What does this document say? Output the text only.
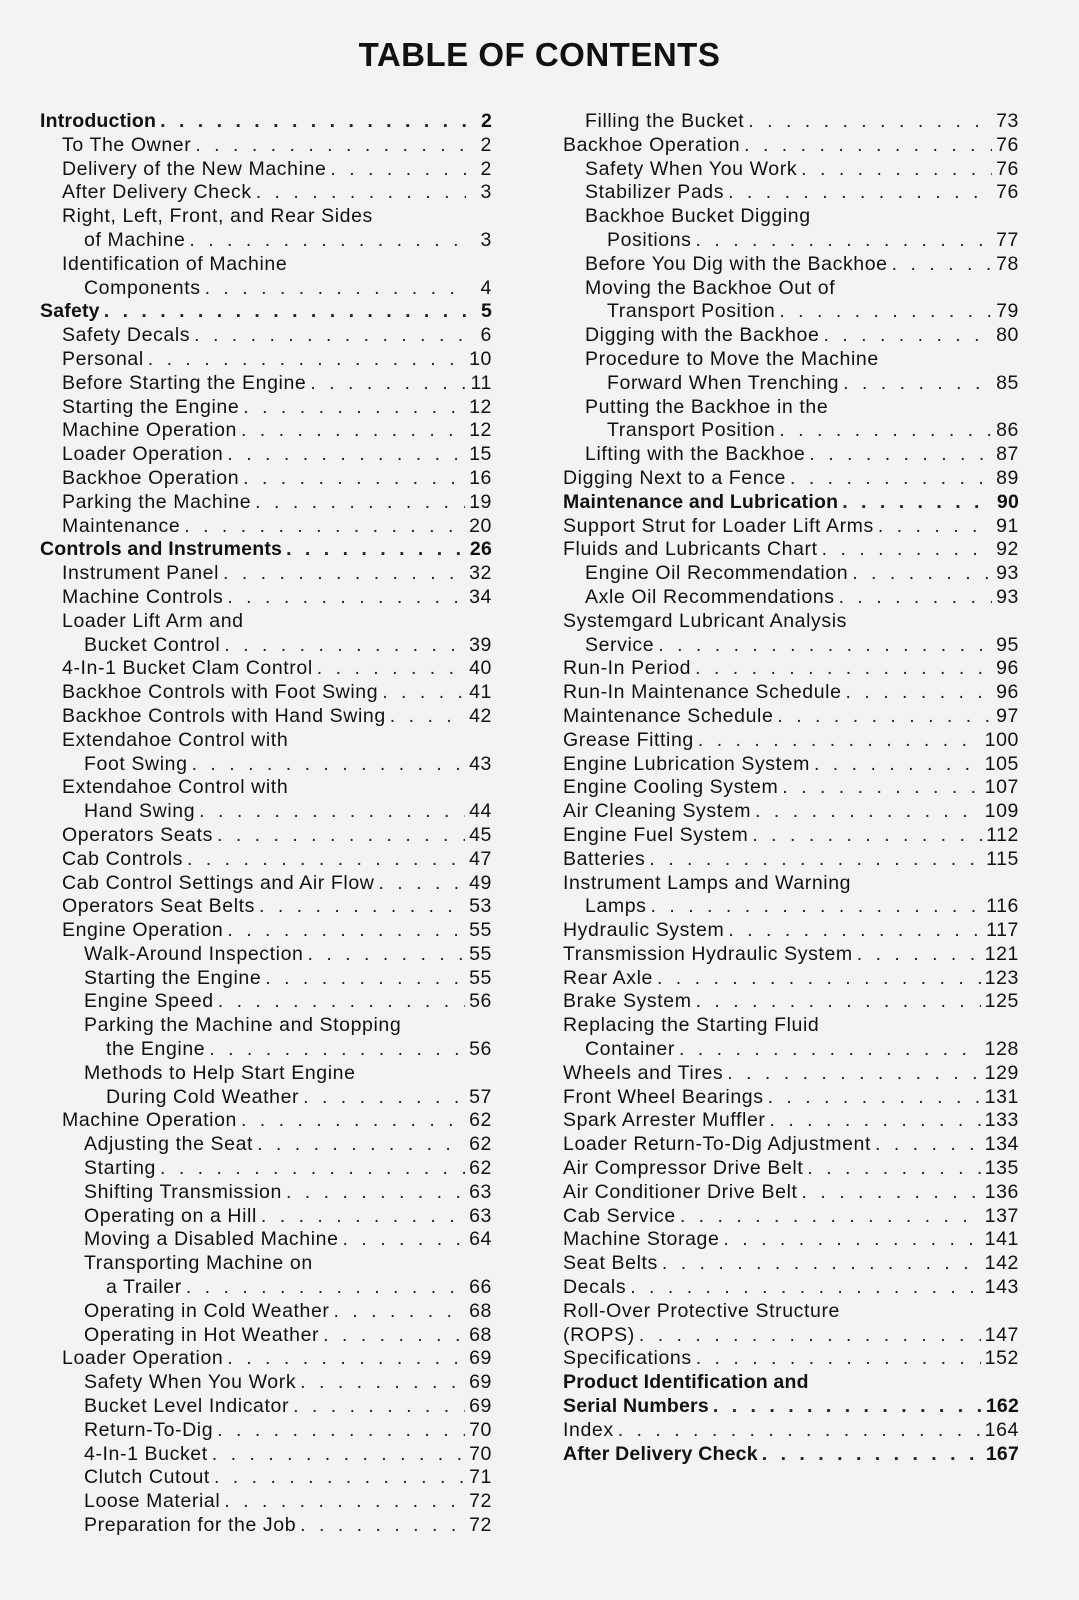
TABLE OF CONTENTS
Introduction . . .	2
To The Owner . . .	2
Delivery of the New Machine . . .	2
After Delivery Check . . .	3
Right, Left, Front, and Rear Sides
of Machine . . .	3
Identification of Machine
Components . . .	4
Safety . . .	5
Safety Decals . . .	6
Personal . . .	10
Before Starting the Engine . . .	11
Starting the Engine . . .	12
Machine Operation . . .	12
Loader Operation . . .	15
Backhoe Operation . . .	16
Parking the Machine . . .	19
Maintenance . . .	20
Controls and Instruments . . .	26
Instrument Panel . . .	32
Machine Controls . . .	34
Loader Lift Arm and
Bucket Control . . .	39
4-In-1 Bucket Clam Control . . .	40
Backhoe Controls with Foot Swing . . .	41
Backhoe Controls with Hand Swing . . .	42
Extendahoe Control with
Foot Swing . . .	43
Extendahoe Control with
Hand Swing . . .	44
Operators Seats . . .	45
Cab Controls . . .	47
Cab Control Settings and Air Flow . . .	49
Operators Seat Belts . . .	53
Engine Operation . . .	55
Walk-Around Inspection . . .	55
Starting the Engine . . .	55
Engine Speed . . .	56
Parking the Machine and Stopping
the Engine . . .	56
Methods to Help Start Engine
During Cold Weather . . .	57
Machine Operation . . .	62
Adjusting the Seat . . .	62
Starting . . .	62
Shifting Transmission . . .	63
Operating on a Hill . . .	63
Moving a Disabled Machine . . .	64
Transporting Machine on
a Trailer . . .	66
Operating in Cold Weather . . .	68
Operating in Hot Weather . . .	68
Loader Operation . . .	69
Safety When You Work . . .	69
Bucket Level Indicator . . .	69
Return-To-Dig . . .	70
4-In-1 Bucket . . .	70
Clutch Cutout . . .	71
Loose Material . . .	72
Preparation for the Job . . .	72
Filling the Bucket . . .	73
Backhoe Operation . . .	76
Safety When You Work . . .	76
Stabilizer Pads . . .	76
Backhoe Bucket Digging
Positions . . .	77
Before You Dig with the Backhoe . . .	78
Moving the Backhoe Out of
Transport Position . . .	79
Digging with the Backhoe . . .	80
Procedure to Move the Machine
Forward When Trenching . . .	85
Putting the Backhoe in the
Transport Position . . .	86
Lifting with the Backhoe . . .	87
Digging Next to a Fence . . .	89
Maintenance and Lubrication . . .	90
Support Strut for Loader Lift Arms . . .	91
Fluids and Lubricants Chart . . .	92
Engine Oil Recommendation . . .	93
Axle Oil Recommendations . . .	93
Systemgard Lubricant Analysis
Service . . .	95
Run-In Period . . .	96
Run-In Maintenance Schedule . . .	96
Maintenance Schedule . . .	97
Grease Fitting . . .	100
Engine Lubrication System . . .	105
Engine Cooling System . . .	107
Air Cleaning System . . .	109
Engine Fuel System . . .	112
Batteries . . .	115
Instrument Lamps and Warning
Lamps . . .	116
Hydraulic System . . .	117
Transmission Hydraulic System . . .	121
Rear Axle . . .	123
Brake System . . .	125
Replacing the Starting Fluid
Container . . .	128
Wheels and Tires . . .	129
Front Wheel Bearings . . .	131
Spark Arrester Muffler . . .	133
Loader Return-To-Dig Adjustment . . .	134
Air Compressor Drive Belt . . .	135
Air Conditioner Drive Belt . . .	136
Cab Service . . .	137
Machine Storage . . .	141
Seat Belts . . .	142
Decals . . .	143
Roll-Over Protective Structure
(ROPS) . . .	147
Specifications . . .	152
Product Identification and
Serial Numbers . . .	162
Index . . .	164
After Delivery Check . . .	167
